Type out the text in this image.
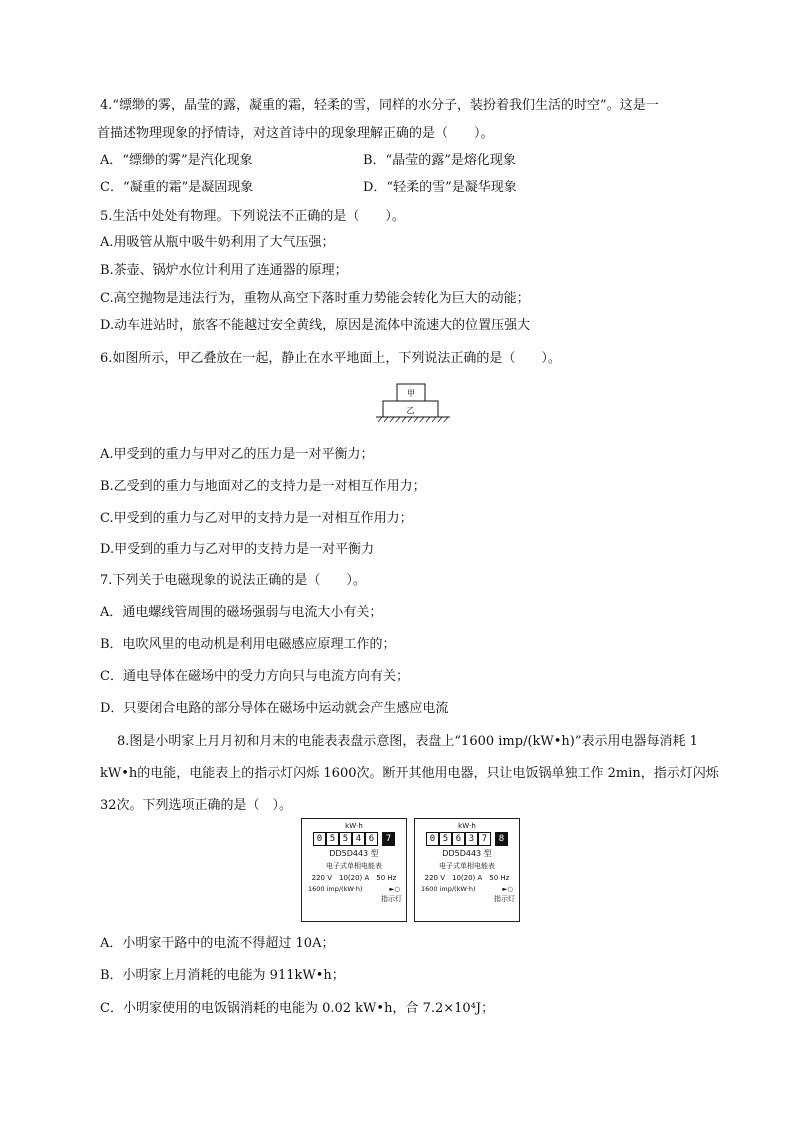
4.“缥缈的雾，晶莹的露，凝重的霜，轻柔的雪，同样的水分子，装扮着我们生活的时空”。这是一
首描述物理现象的抒情诗，对这首诗中的现象理解正确的是（　　）。
A．“缥缈的雾”是汽化现象	B．“晶莹的露”是熔化现象
C．“凝重的霜”是凝固现象	D．“轻柔的雪”是凝华现象
5.生活中处处有物理。下列说法不正确的是（　　）。
A.用吸管从瓶中吸牛奶利用了大气压强；
B.茶壶、锅炉水位计利用了连通器的原理；
C.高空抛物是违法行为，重物从高空下落时重力势能会转化为巨大的动能；
D.动车进站时，旅客不能越过安全黄线，原因是流体中流速大的位置压强大
6.如图所示，甲乙叠放在一起，静止在水平地面上，下列说法正确的是（　　）。
甲
乙
A.甲受到的重力与甲对乙的压力是一对平衡力；
B.乙受到的重力与地面对乙的支持力是一对相互作用力；
C.甲受到的重力与乙对甲的支持力是一对相互作用力；
D.甲受到的重力与乙对甲的支持力是一对平衡力
7.下列关于电磁现象的说法正确的是（　　）。
A．通电螺线管周围的磁场强弱与电流大小有关；
B．电吹风里的电动机是利用电磁感应原理工作的；
C．通电导体在磁场中的受力方向只与电流方向有关；
D．只要闭合电路的部分导体在磁场中运动就会产生感应电流
8.图是小明家上月月初和月末的电能表表盘示意图，表盘上“1600 imp/(kW•h)”表示用电器每消耗 1
kW•h的电能，电能表上的指示灯闪烁 1600次。断开其他用电器，只让电饭锅单独工作 2min，指示灯闪烁
32次。下列选项正确的是（　）。
kW·h
0 5 5 4 6	7
DD5D443 型
电子式单相电能表
220 V　10(20) A　50 Hz
1600 imp/(kW·h)	►○
指示灯
kW·h
0 5 6 3 7	8
DD5D443 型
电子式单相电能表
220 V　10(20) A　50 Hz
1600 imp/(kW·h)	►○
指示灯
A．小明家干路中的电流不得超过 10A；
B．小明家上月消耗的电能为 911kW•h；
C．小明家使用的电饭锅消耗的电能为 0.02 kW•h，合 7.2×10⁴J；
